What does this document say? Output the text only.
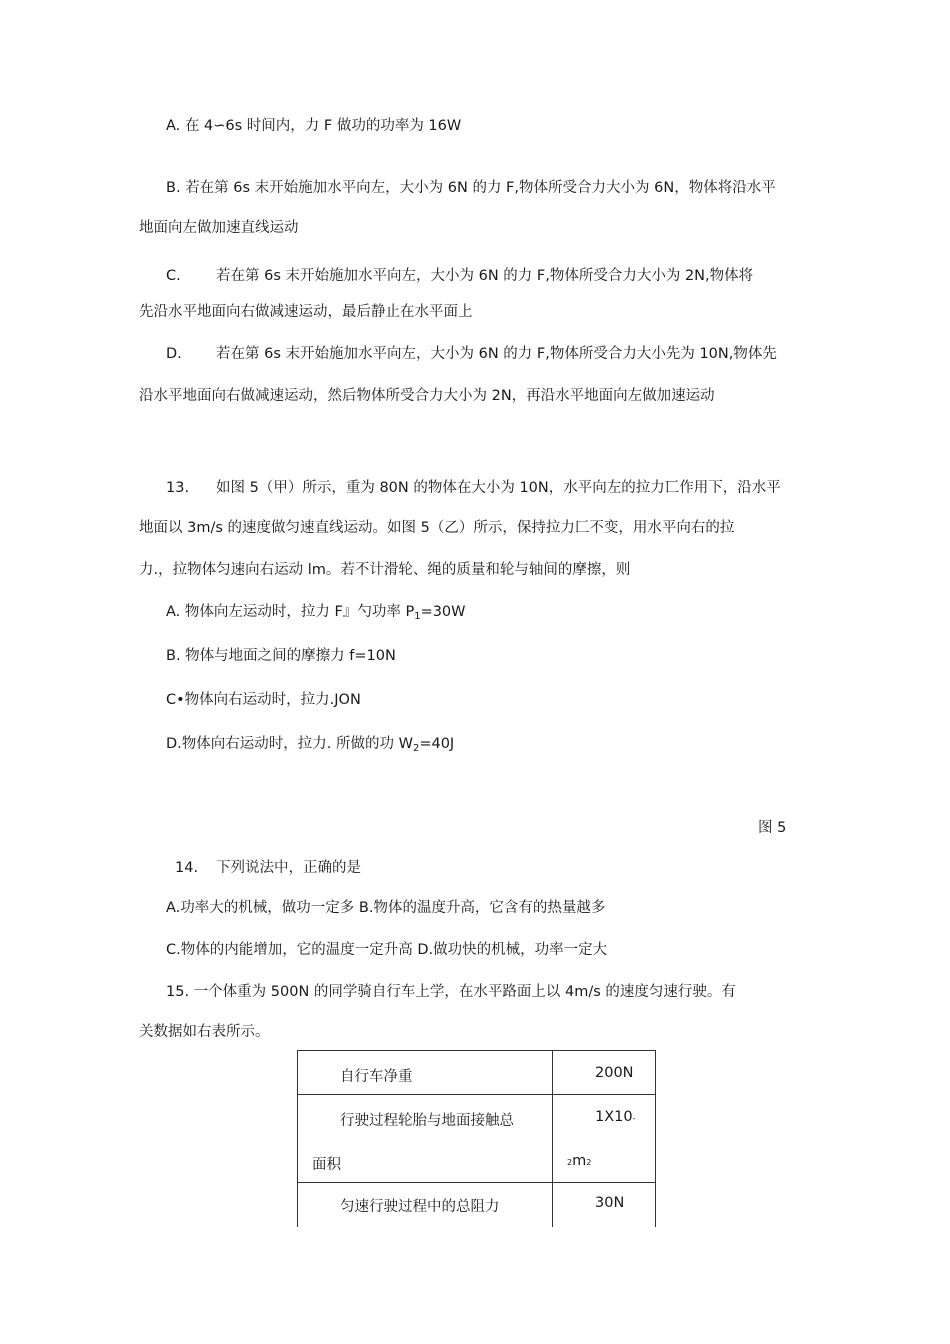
A. 在 4∽6s 时间内，力 F 做功的功率为 16W
B. 若在第 6s 末开始施加水平向左，大小为 6N 的力 F,物体所受合力大小为 6N，物体将沿水平
地面向左做加速直线运动
C. 若在第 6s 末开始施加水平向左，大小为 6N 的力 F,物体所受合力大小为 2N,物体将
先沿水平地面向右做减速运动，最后静止在水平面上
D. 若在第 6s 末开始施加水平向左，大小为 6N 的力 F,物体所受合力大小先为 10N,物体先
沿水平地面向右做减速运动，然后物体所受合力大小为 2N，再沿水平地面向左做加速运动
13. 如图 5（甲）所示，重为 80N 的物体在大小为 10N，水平向左的拉力匸作用下，沿水平
地面以 3m/s 的速度做匀速直线运动。如图 5（乙）所示，保持拉力匚不变，用水平向右的拉
力.，拉物体匀速向右运动 lm。若不计滑轮、绳的质量和轮与轴间的摩擦，则
A. 物体向左运动时，拉力 F』勺功率 $P_1=30W$
B. 物体与地面之间的摩擦力 f=10N
C•物体向右运动时，拉力.JON
D.物体向右运动时，拉力. 所做的功 $W_2=40J$
图 5
14. 下列说法中，正确的是
A.功率大的机械，做功一定多 B.物体的温度升高，它含有的热量越多
C.物体的内能增加，它的温度一定升高 D.做功快的机械，功率一定大
15. 一个体重为 500N 的同学骑自行车上学，在水平路面上以 4m/s 的速度匀速行驶。有
关数据如右表所示。
自行车净重	200N

行驶过程轮胎与地面接触总
面积	1X10-
2m2

匀速行驶过程中的总阻力	30N
